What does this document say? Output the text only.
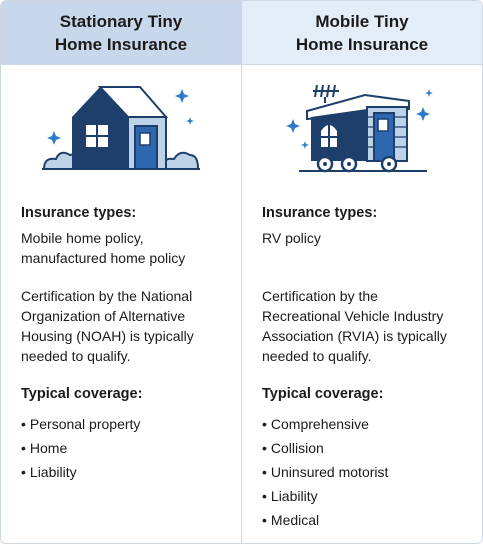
Stationary Tiny
Home Insurance
Insurance types:
Mobile home policy,
manufactured home policy
Certification by the National
Organization of Alternative
Housing (NOAH) is typically
needed to qualify.
Typical coverage:
• Personal property
• Home
• Liability
Mobile Tiny
Home Insurance
Insurance types:
RV policy
Certification by the
Recreational Vehicle Industry
Association (RVIA) is typically
needed to qualify.
Typical coverage:
• Comprehensive
• Collision
• Uninsured motorist
• Liability
• Medical
